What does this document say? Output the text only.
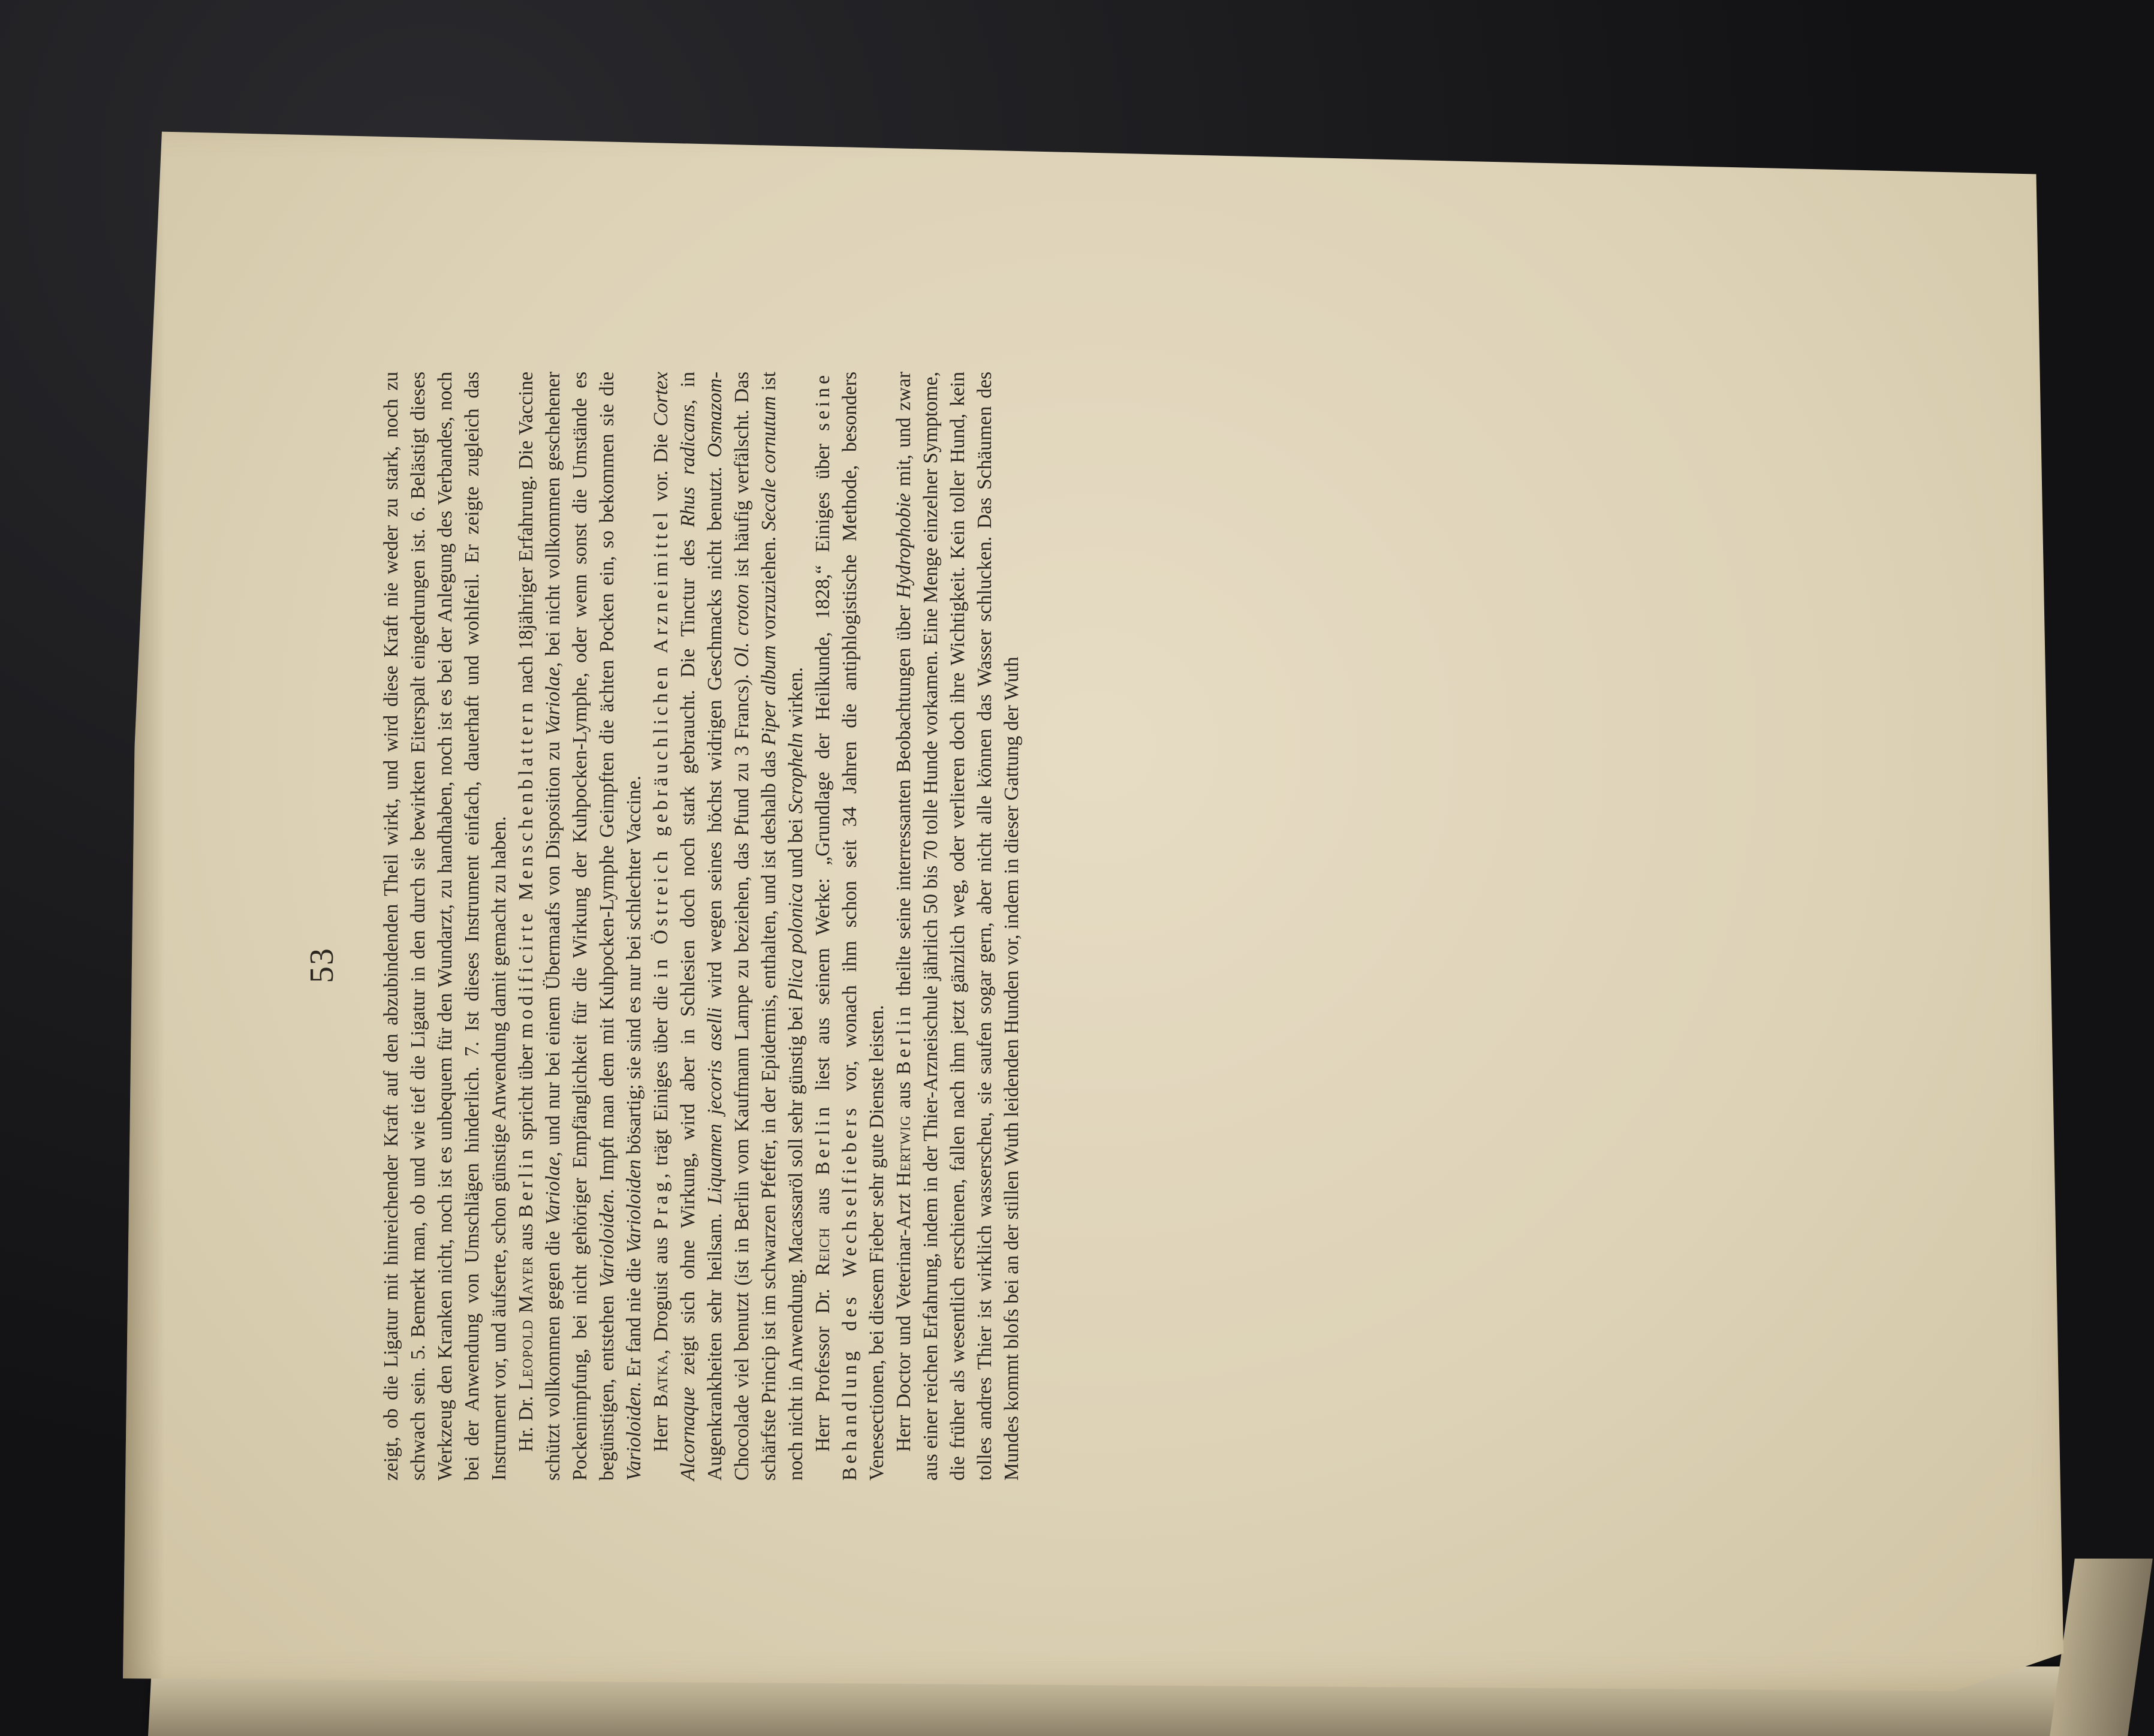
53 zeigt, ob die Ligatur mit hinreichender Kraft auf den abzubindenden Theil wirkt, und wird diese Kraft nie weder zu stark, noch zu schwach sein. 5. Bemerkt man, ob und wie tief die Ligatur in den durch sie bewirkten Eiterspalt eingedrungen ist. 6. Belästigt dieses Werkzeug den Kranken nicht, noch ist es unbequem für den Wundarzt, zu handhaben, noch ist es bei der Anlegung des Verbandes, noch bei der Anwendung von Umschlägen hinderlich. 7. Ist dieses Instrument einfach, dauerhaft und wohlfeil. Er zeigte zugleich das Instrument vor, und äufserte, schon günstige Anwendung damit gemacht zu haben. Hr. Dr. Leopold Mayer aus Berlin spricht über modificirte Menschenblattern nach 18jähriger Erfahrung. Die Vaccine schützt vollkommen gegen die Variolae, und nur bei einem Übermaafs von Disposition zu Variolae, bei nicht vollkommen geschehener Pockenimpfung, bei nicht gehöriger Empfänglichkeit für die Wirkung der Kuhpocken-Lymphe, oder wenn sonst die Umstände es begünstigen, entstehen Varioloiden. Impft man dem mit Kuhpocken-Lymphe Geimpften die ächten Pocken ein, so bekommen sie die Varioloiden. Er fand nie die Varioloiden bösartig; sie sind es nur bei schlechter Vaccine.

Herr Batka, Droguist aus Prag, trägt Einiges über die in Östreich gebräuchlichen Arzneimittel vor. Die Cortex Alcornaque zeigt sich ohne Wirkung, wird aber in Schlesien doch noch stark gebraucht. Die Tinctur des Rhus radicans, in Augenkrankheiten sehr heilsam. Liquamen jecoris aselli wird wegen seines höchst widrigen Geschmacks nicht benutzt. Osmazom-Chocolade viel benutzt (ist in Berlin vom Kaufmann Lampe zu beziehen, das Pfund zu 3 Francs). Ol. croton ist häufig verfälscht. Das schärfste Princip ist im schwarzen Pfeffer, in der Epidermis, enthalten, und ist deshalb das Piper album vorzuziehen. Secale cornutum ist noch nicht in Anwendung. Macassaröl soll sehr günstig bei Plica polonica und bei Scropheln wirken.

Herr Professor Dr. Reich aus Berlin liest aus seinem Werke: „Grundlage der Heilkunde, 1828,“ Einiges über seine Behandlung des Wechselfiebers vor, wonach ihm schon seit 34 Jahren die antiphlogistische Methode, besonders Venesectionen, bei diesem Fieber sehr gute Dienste leisten. Herr Doctor und Veterinar-Arzt Hertwig aus Berlin theilte seine interressanten Beobachtungen über Hydrophobie mit, und zwar aus einer reichen Erfahrung, indem in der Thier-Arzneischule jährlich 50 bis 70 tolle Hunde vorkamen. Eine Menge einzelner Symptome, die früher als wesentlich erschienen, fallen nach ihm jetzt gänzlich weg, oder verlieren doch ihre Wichtigkeit. Kein toller Hund, kein tolles andres Thier ist wirklich wasserscheu, sie saufen sogar gern, aber nicht alle können das Wasser schlucken. Das Schäumen des Mundes kommt blofs bei an der stillen Wuth leidenden Hunden vor, indem in dieser Gattung der Wuth
